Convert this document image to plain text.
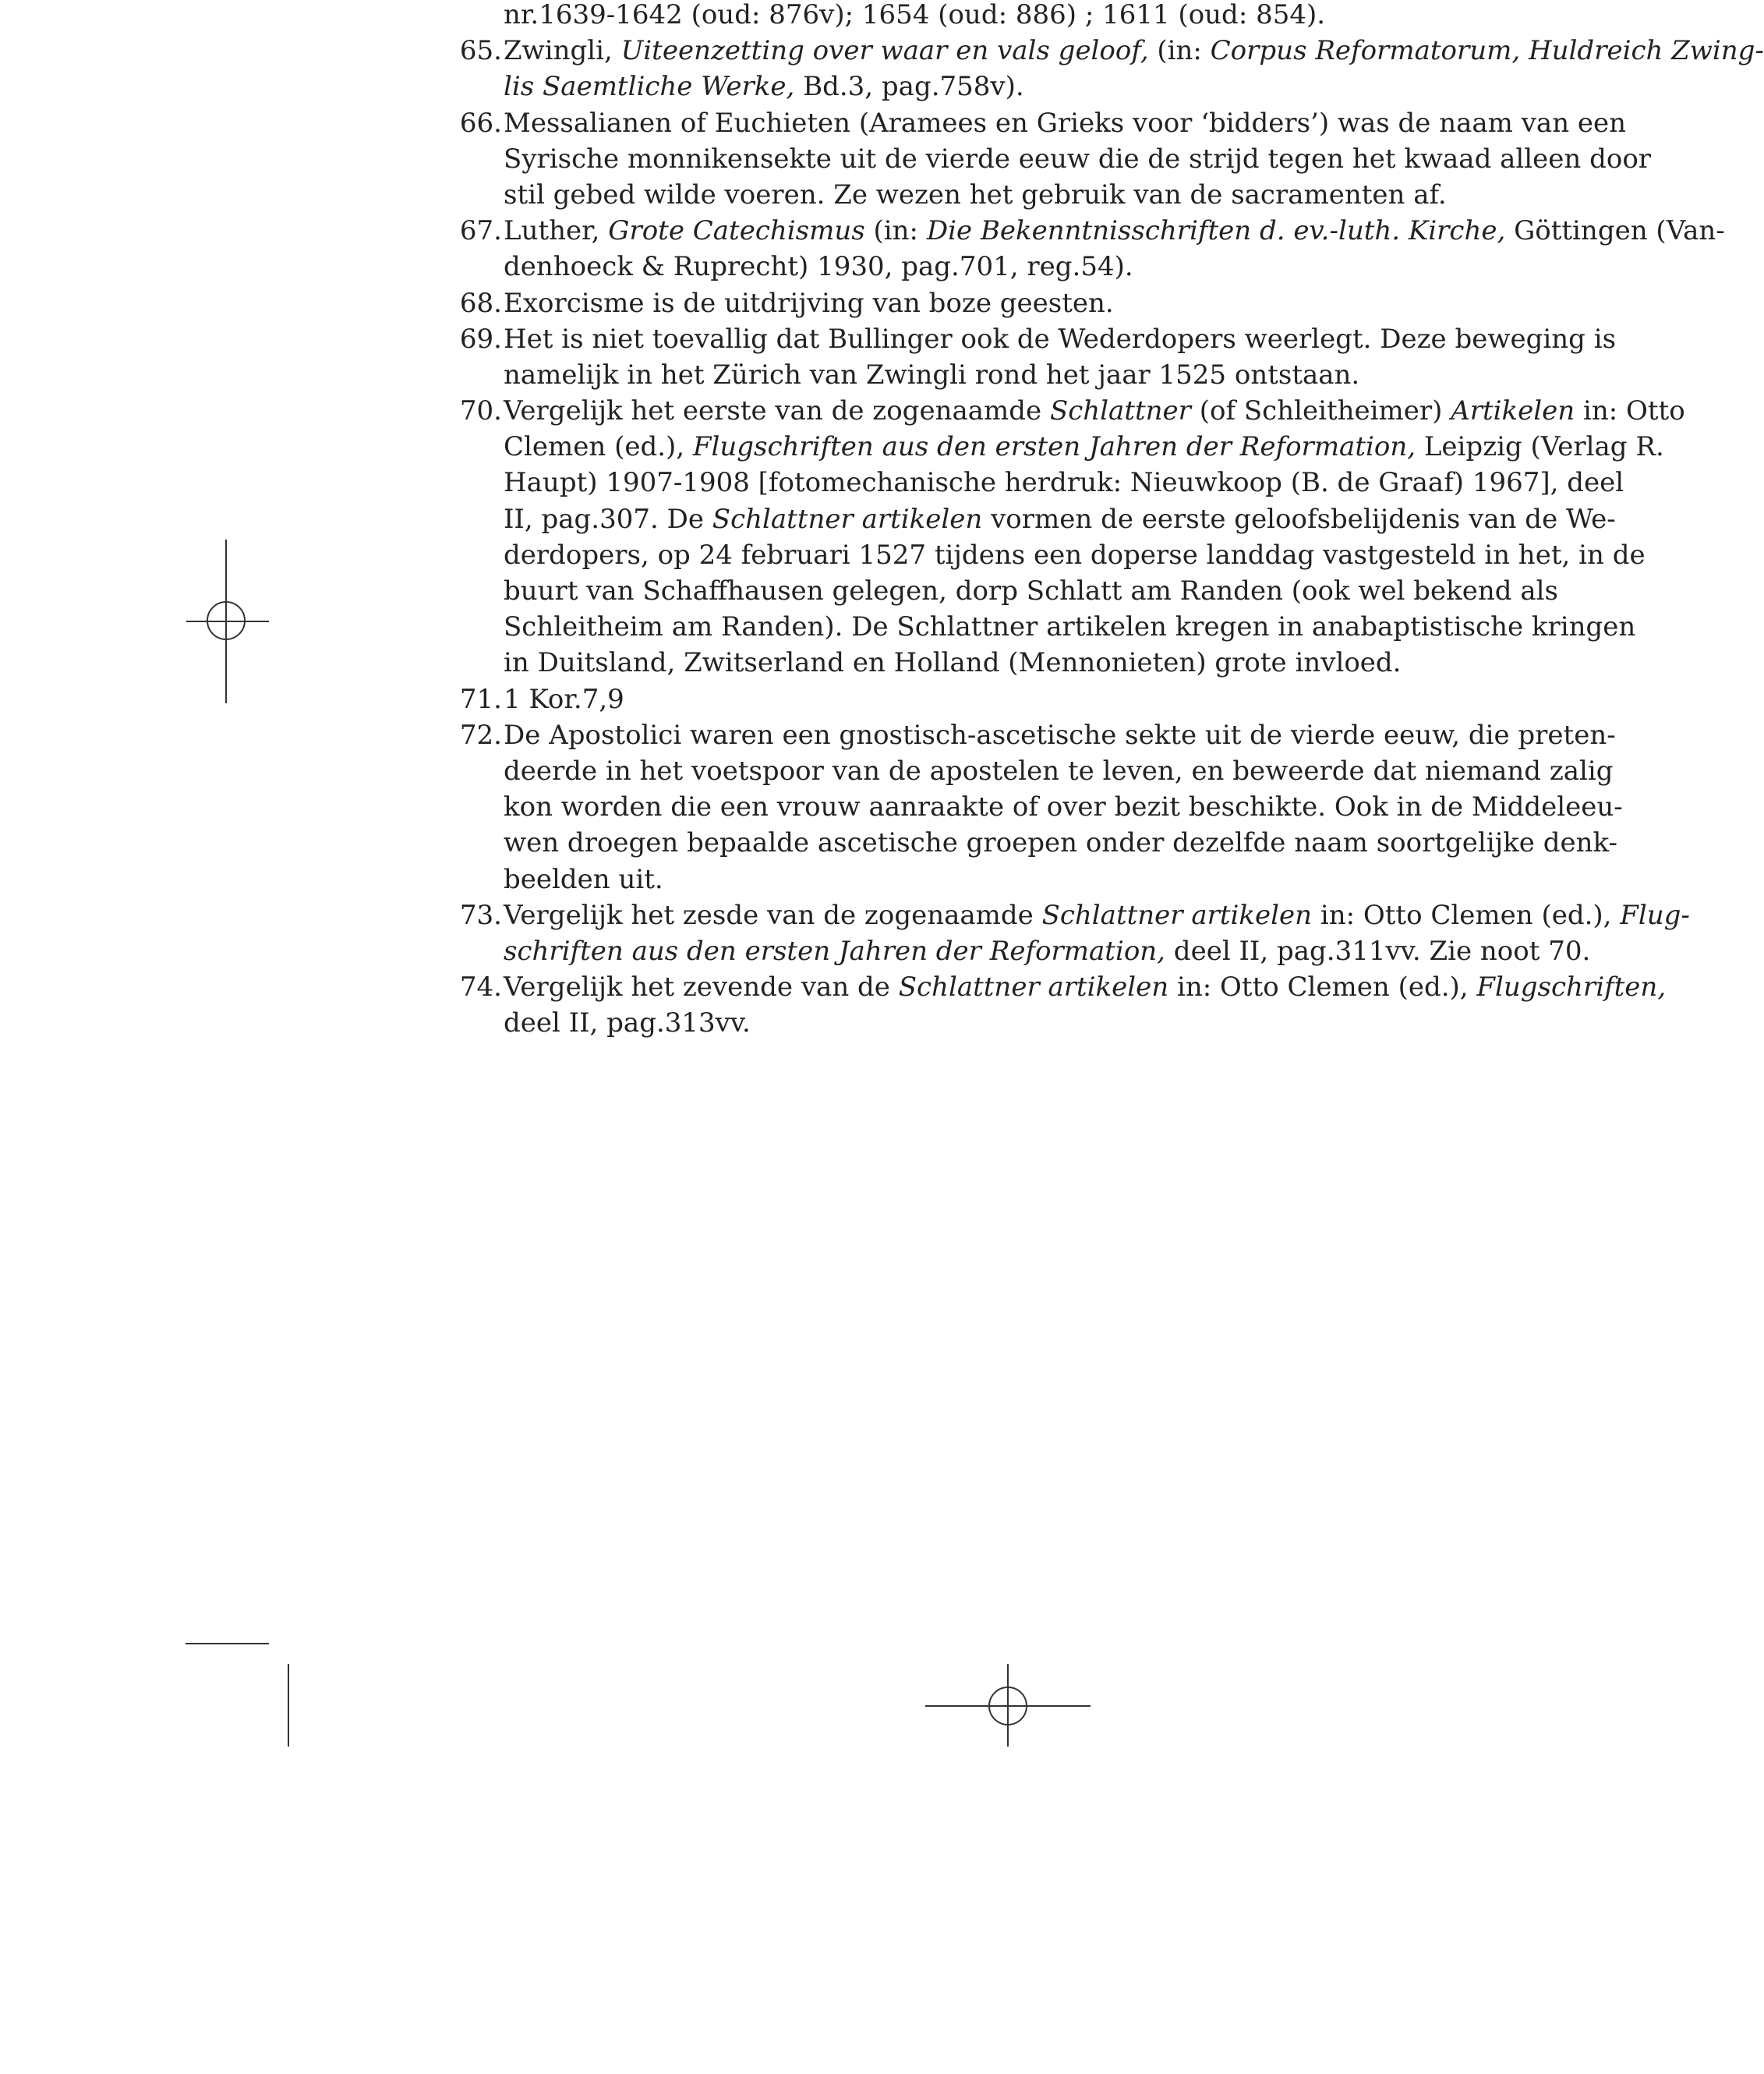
nr.1639-1642 (oud: 876v); 1654 (oud: 886) ; 1611 (oud: 854).
65. Zwingli, Uiteenzetting over waar en vals geloof, (in: Corpus Reformatorum, Huldreich Zwing-
lis Saemtliche Werke, Bd.3, pag.758v).
66. Messalianen of Euchieten (Aramees en Grieks voor ‘bidders’) was de naam van een
Syrische monnikensekte uit de vierde eeuw die de strijd tegen het kwaad alleen door
stil gebed wilde voeren. Ze wezen het gebruik van de sacramenten af.
67. Luther, Grote Catechismus (in: Die Bekenntnisschriften d. ev.-luth. Kirche, Göttingen (Van-
denhoeck & Ruprecht) 1930, pag.701, reg.54).
68. Exorcisme is de uitdrijving van boze geesten.
69. Het is niet toevallig dat Bullinger ook de Wederdopers weerlegt. Deze beweging is
namelijk in het Zürich van Zwingli rond het jaar 1525 ontstaan.
70. Vergelijk het eerste van de zogenaamde Schlattner (of Schleitheimer) Artikelen in: Otto
Clemen (ed.), Flugschriften aus den ersten Jahren der Reformation, Leipzig (Verlag R.
Haupt) 1907-1908 [fotomechanische herdruk: Nieuwkoop (B. de Graaf) 1967], deel
II, pag.307. De Schlattner artikelen vormen de eerste geloofsbelijdenis van de We-
derdopers, op 24 februari 1527 tijdens een doperse landdag vastgesteld in het, in de
buurt van Schaffhausen gelegen, dorp Schlatt am Randen (ook wel bekend als
Schleitheim am Randen). De Schlattner artikelen kregen in anabaptistische kringen
in Duitsland, Zwitserland en Holland (Mennonieten) grote invloed.
71. 1 Kor.7,9
72. De Apostolici waren een gnostisch-ascetische sekte uit de vierde eeuw, die preten-
deerde in het voetspoor van de apostelen te leven, en beweerde dat niemand zalig
kon worden die een vrouw aanraakte of over bezit beschikte. Ook in de Middeleeu-
wen droegen bepaalde ascetische groepen onder dezelfde naam soortgelijke denk-
beelden uit.
73. Vergelijk het zesde van de zogenaamde Schlattner artikelen in: Otto Clemen (ed.), Flug-
schriften aus den ersten Jahren der Reformation, deel II, pag.311vv. Zie noot 70.
74. Vergelijk het zevende van de Schlattner artikelen in: Otto Clemen (ed.), Flugschriften,
deel II, pag.313vv.
